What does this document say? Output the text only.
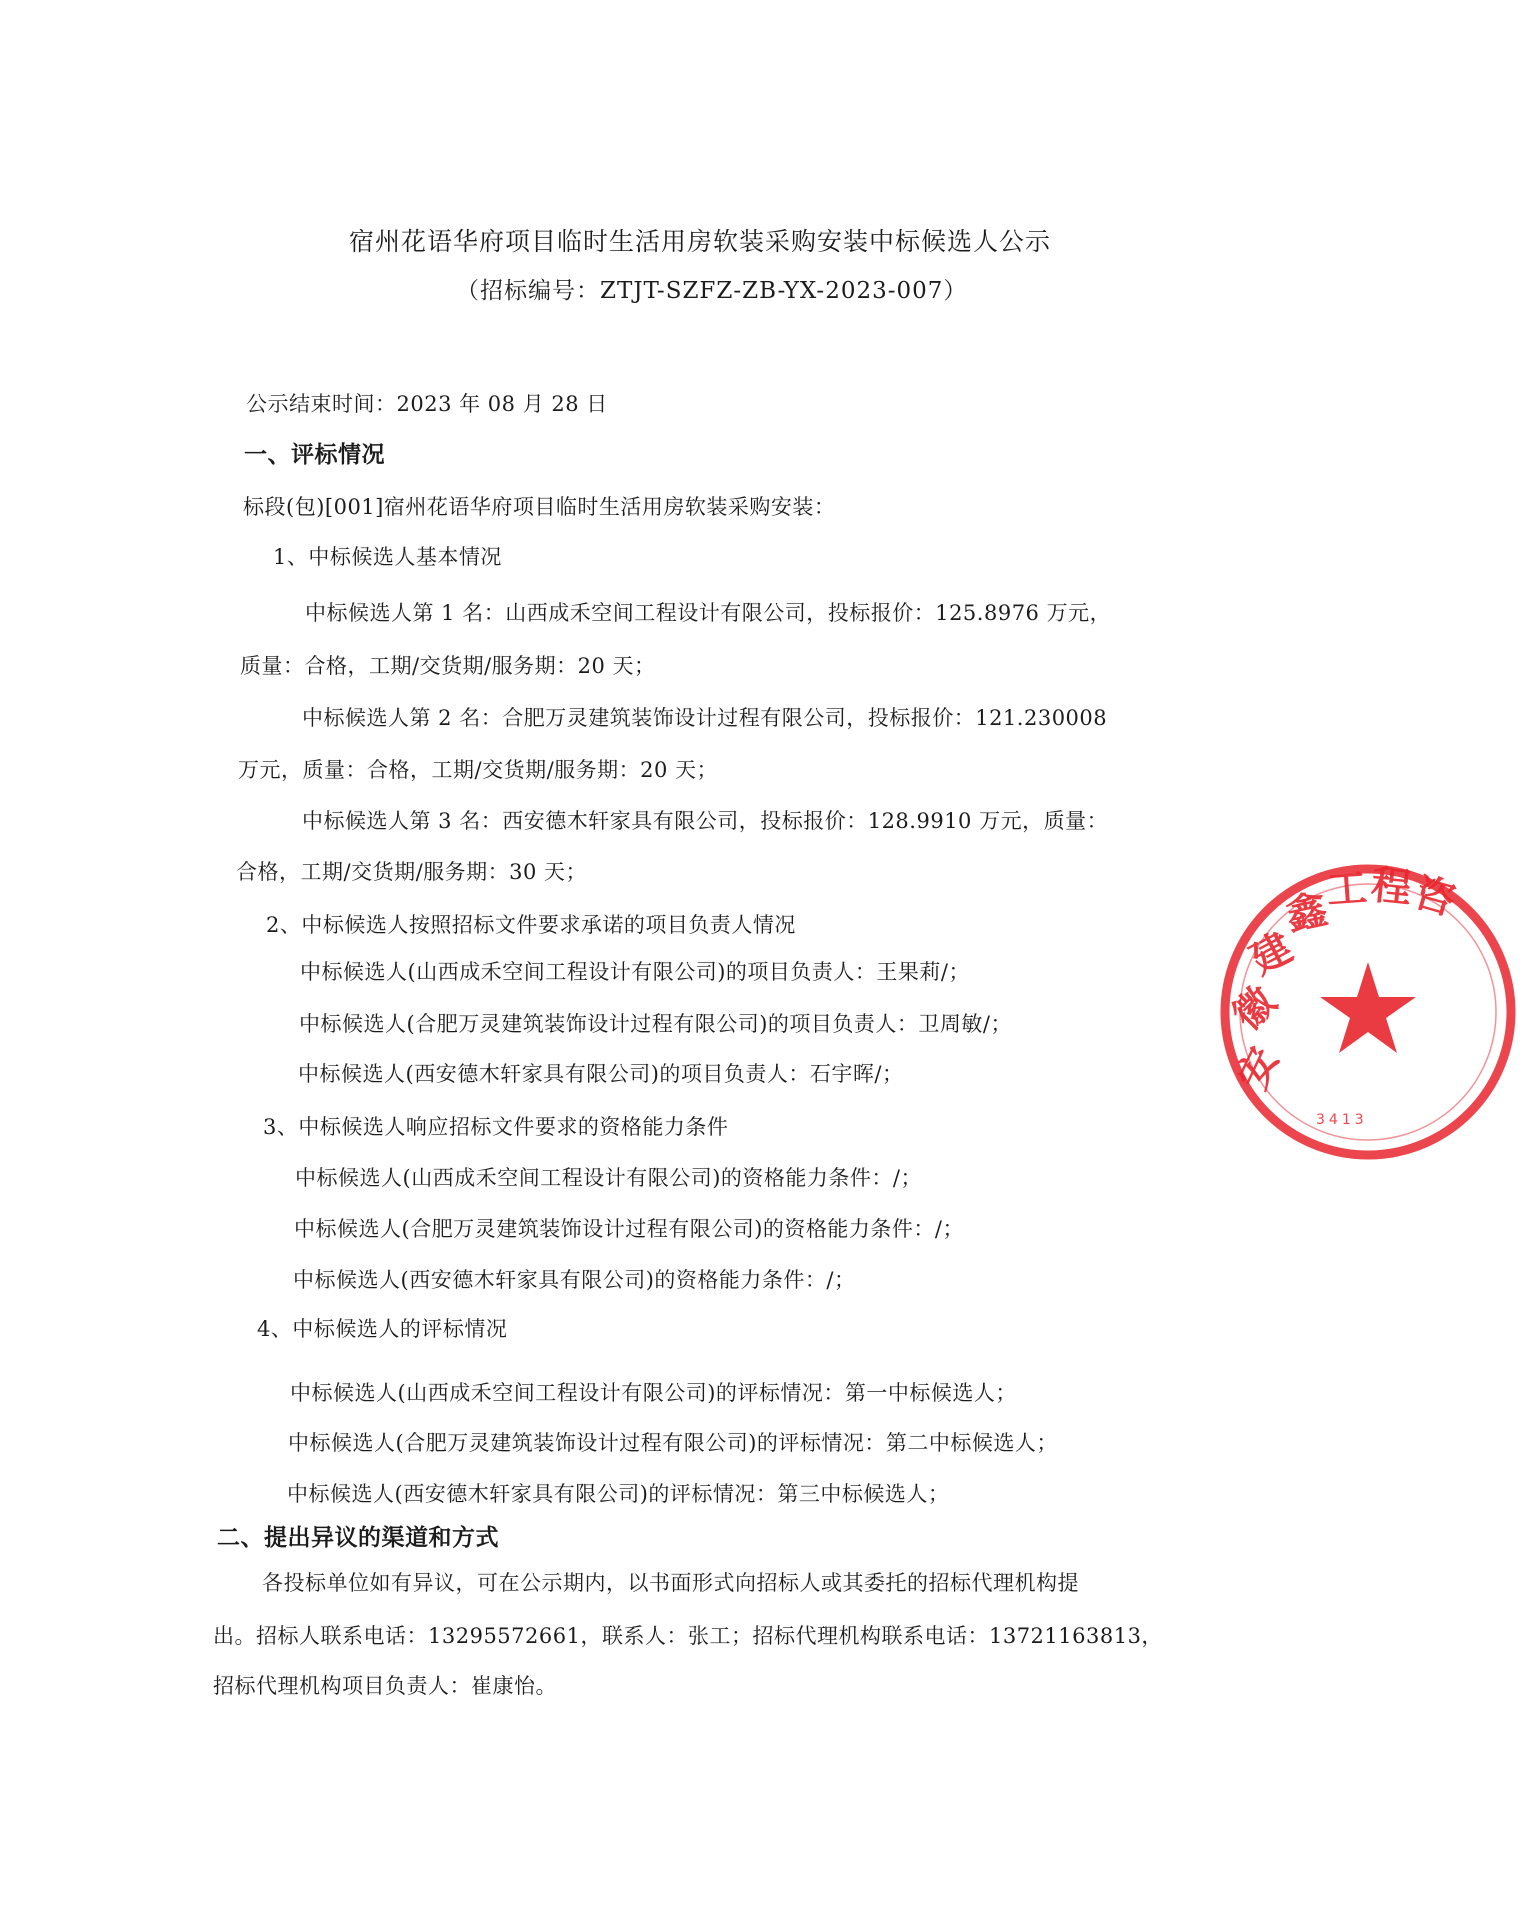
宿州花语华府项目临时生活用房软装采购安装中标候选人公示
（招标编号：ZTJT-SZFZ-ZB-YX-2023-007）
公示结束时间：2023 年 08 月 28 日
一、评标情况
标段(包)[001]宿州花语华府项目临时生活用房软装采购安装：
1、中标候选人基本情况
中标候选人第 1 名：山西成禾空间工程设计有限公司，投标报价：125.8976 万元，
质量：合格，工期/交货期/服务期：20 天；
中标候选人第 2 名：合肥万灵建筑装饰设计过程有限公司，投标报价：121.230008
万元，质量：合格，工期/交货期/服务期：20 天；
中标候选人第 3 名：西安德木轩家具有限公司，投标报价：128.9910 万元，质量：
合格，工期/交货期/服务期：30 天；
2、中标候选人按照招标文件要求承诺的项目负责人情况
中标候选人(山西成禾空间工程设计有限公司)的项目负责人：王果莉/；
中标候选人(合肥万灵建筑装饰设计过程有限公司)的项目负责人：卫周敏/；
中标候选人(西安德木轩家具有限公司)的项目负责人：石宇晖/；
3、中标候选人响应招标文件要求的资格能力条件
中标候选人(山西成禾空间工程设计有限公司)的资格能力条件：/；
中标候选人(合肥万灵建筑装饰设计过程有限公司)的资格能力条件：/；
中标候选人(西安德木轩家具有限公司)的资格能力条件：/；
4、中标候选人的评标情况
中标候选人(山西成禾空间工程设计有限公司)的评标情况：第一中标候选人；
中标候选人(合肥万灵建筑装饰设计过程有限公司)的评标情况：第二中标候选人；
中标候选人(西安德木轩家具有限公司)的评标情况：第三中标候选人；
二、提出异议的渠道和方式
各投标单位如有异议，可在公示期内，以书面形式向招标人或其委托的招标代理机构提
出。招标人联系电话：13295572661，联系人：张工；招标代理机构联系电话：13721163813，
招标代理机构项目负责人：崔康怡。
安
徽
建
鑫
工 程
咨
3413
